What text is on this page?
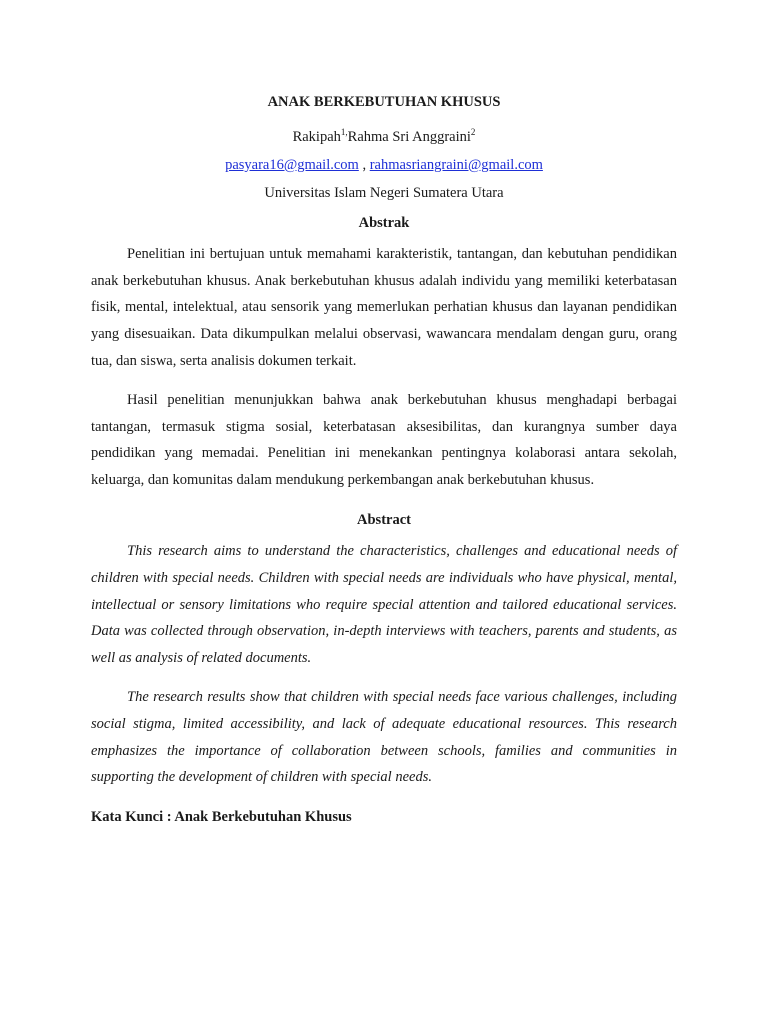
ANAK BERKEBUTUHAN KHUSUS
Rakipah$^{1,}$Rahma Sri Anggraini$^2$
pasyara16@gmail.com , rahmasriangraini@gmail.com
Universitas Islam Negeri Sumatera Utara
Abstrak

Penelitian ini bertujuan untuk memahami karakteristik, tantangan, dan kebutuhan pendidikan anak berkebutuhan khusus. Anak berkebutuhan khusus adalah individu yang memiliki keterbatasan fisik, mental, intelektual, atau sensorik yang memerlukan perhatian khusus dan layanan pendidikan yang disesuaikan. Data dikumpulkan melalui observasi, wawancara mendalam dengan guru, orang tua, dan siswa, serta analisis dokumen terkait.

Hasil penelitian menunjukkan bahwa anak berkebutuhan khusus menghadapi berbagai tantangan, termasuk stigma sosial, keterbatasan aksesibilitas, dan kurangnya sumber daya pendidikan yang memadai. Penelitian ini menekankan pentingnya kolaborasi antara sekolah, keluarga, dan komunitas dalam mendukung perkembangan anak berkebutuhan khusus.

Abstract

This research aims to understand the characteristics, challenges and educational needs of children with special needs. Children with special needs are individuals who have physical, mental, intellectual or sensory limitations who require special attention and tailored educational services. Data was collected through observation, in-depth interviews with teachers, parents and students, as well as analysis of related documents.

The research results show that children with special needs face various challenges, including social stigma, limited accessibility, and lack of adequate educational resources. This research emphasizes the importance of collaboration between schools, families and communities in supporting the development of children with special needs.

Kata Kunci : Anak Berkebutuhan Khusus
